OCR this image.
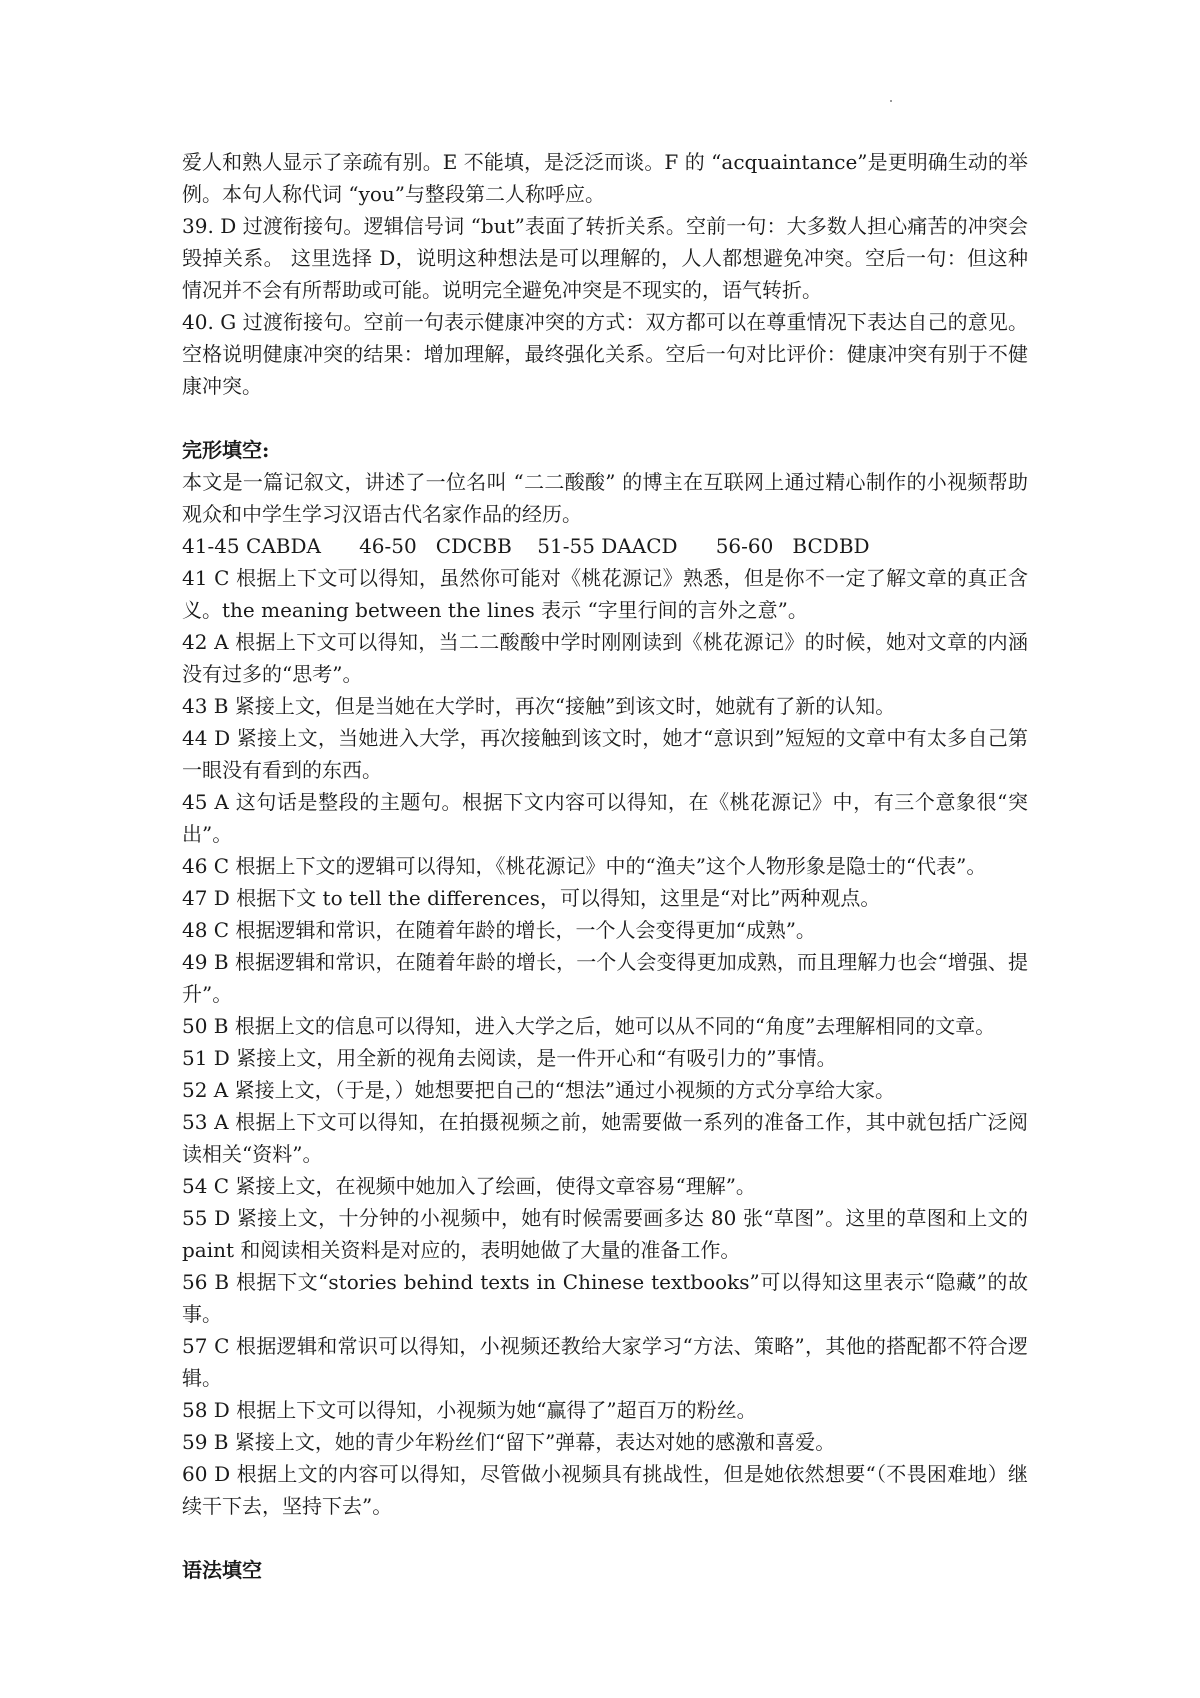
爱人和熟人显示了亲疏有别。E 不能填，是泛泛而谈。F 的 “acquaintance”是更明确生动的举例。本句人称代词 “you”与整段第二人称呼应。

39. D 过渡衔接句。逻辑信号词 “but”表面了转折关系。空前一句：大多数人担心痛苦的冲突会毁掉关系。 这里选择 D，说明这种想法是可以理解的，人人都想避免冲突。空后一句：但这种情况并不会有所帮助或可能。说明完全避免冲突是不现实的，语气转折。

40. G 过渡衔接句。空前一句表示健康冲突的方式：双方都可以在尊重情况下表达自己的意见。空格说明健康冲突的结果：增加理解，最终强化关系。空后一句对比评价：健康冲突有别于不健康冲突。

完形填空:

本文是一篇记叙文，讲述了一位名叫 “二二酸酸” 的博主在互联网上通过精心制作的小视频帮助观众和中学生学习汉语古代名家作品的经历。

41-45 CABDA      46-50   CDCBB    51-55 DAACD      56-60   BCDBD

41 C 根据上下文可以得知，虽然你可能对《桃花源记》熟悉，但是你不一定了解文章的真正含义。the meaning between the lines 表示 “字里行间的言外之意”。

42 A 根据上下文可以得知，当二二酸酸中学时刚刚读到《桃花源记》的时候，她对文章的内涵没有过多的“思考”。

43 B 紧接上文，但是当她在大学时，再次“接触”到该文时，她就有了新的认知。

44 D 紧接上文，当她进入大学，再次接触到该文时，她才“意识到”短短的文章中有太多自己第一眼没有看到的东西。

45 A 这句话是整段的主题句。根据下文内容可以得知，在《桃花源记》中，有三个意象很“突出”。

46 C 根据上下文的逻辑可以得知，《桃花源记》中的“渔夫”这个人物形象是隐士的“代表”。

47 D 根据下文 to tell the differences，可以得知，这里是“对比”两种观点。

48 C 根据逻辑和常识，在随着年龄的增长，一个人会变得更加“成熟”。

49 B 根据逻辑和常识，在随着年龄的增长，一个人会变得更加成熟，而且理解力也会“增强、提升”。

50 B 根据上文的信息可以得知，进入大学之后，她可以从不同的“角度”去理解相同的文章。

51 D 紧接上文，用全新的视角去阅读，是一件开心和“有吸引力的”事情。

52 A 紧接上文，（于是，）她想要把自己的“想法”通过小视频的方式分享给大家。

53 A 根据上下文可以得知，在拍摄视频之前，她需要做一系列的准备工作，其中就包括广泛阅读相关“资料”。

54 C 紧接上文，在视频中她加入了绘画，使得文章容易“理解”。

55 D 紧接上文，十分钟的小视频中，她有时候需要画多达 80 张“草图”。这里的草图和上文的 paint 和阅读相关资料是对应的，表明她做了大量的准备工作。

56 B 根据下文“stories behind texts in Chinese textbooks”可以得知这里表示“隐藏”的故事。

57 C 根据逻辑和常识可以得知，小视频还教给大家学习“方法、策略”，其他的搭配都不符合逻辑。

58 D 根据上下文可以得知，小视频为她“赢得了”超百万的粉丝。

59 B 紧接上文，她的青少年粉丝们“留下”弹幕，表达对她的感激和喜爱。

60 D 根据上文的内容可以得知，尽管做小视频具有挑战性，但是她依然想要“（不畏困难地）继续干下去，坚持下去”。

语法填空
